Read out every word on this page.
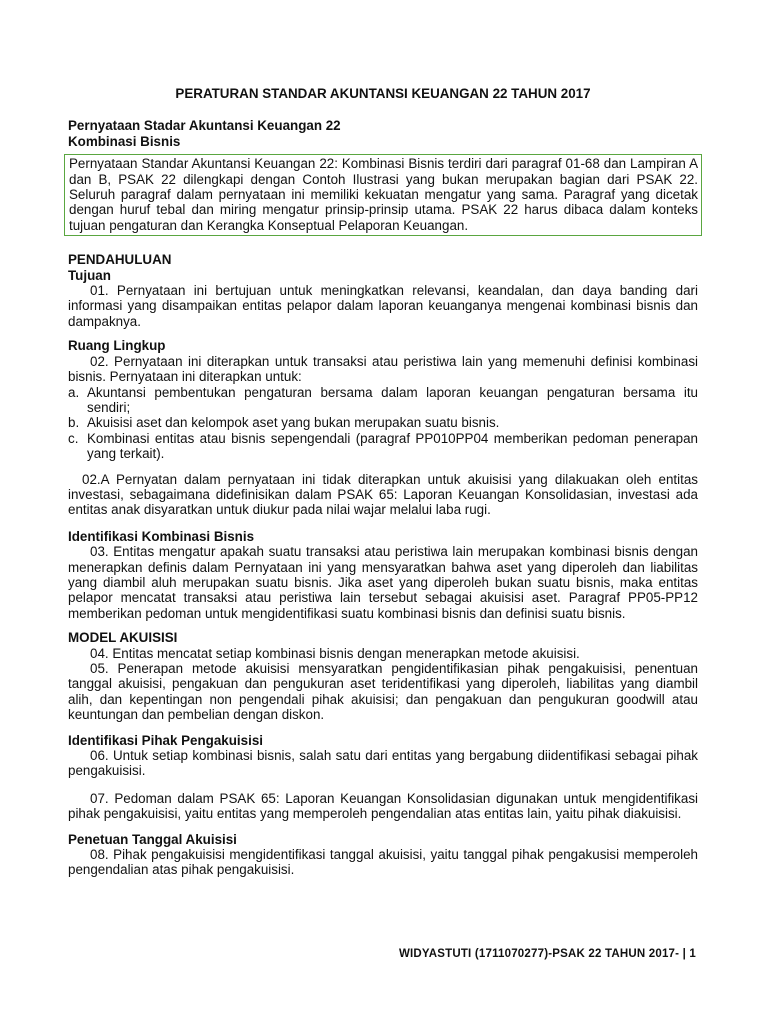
PERATURAN STANDAR AKUNTANSI KEUANGAN 22 TAHUN 2017
Pernyataan Stadar Akuntansi Keuangan 22
Kombinasi Bisnis
Pernyataan Standar Akuntansi Keuangan 22: Kombinasi Bisnis terdiri dari paragraf 01-68 dan Lampiran A dan B, PSAK 22 dilengkapi dengan Contoh Ilustrasi yang bukan merupakan bagian dari PSAK 22. Seluruh paragraf dalam pernyataan ini memiliki kekuatan mengatur yang sama. Paragraf yang dicetak dengan huruf tebal dan miring mengatur prinsip-prinsip utama. PSAK 22 harus dibaca dalam konteks tujuan pengaturan dan Kerangka Konseptual Pelaporan Keuangan.
PENDAHULUAN
Tujuan

01. Pernyataan ini bertujuan untuk meningkatkan relevansi, keandalan, dan daya banding dari informasi yang disampaikan entitas pelapor dalam laporan keuanganya mengenai kombinasi bisnis dan dampaknya.

Ruang Lingkup

02. Pernyataan ini diterapkan untuk transaksi atau peristiwa lain yang memenuhi definisi kombinasi bisnis. Pernyataan ini diterapkan untuk:

a. Akuntansi pembentukan pengaturan bersama dalam laporan keuangan pengaturan bersama itu sendiri;
b. Akuisisi aset dan kelompok aset yang bukan merupakan suatu bisnis.
c. Kombinasi entitas atau bisnis sepengendali (paragraf PP010PP04 memberikan pedoman penerapan yang terkait).

02.A Pernyatan dalam pernyataan ini tidak diterapkan untuk akuisisi yang dilakuakan oleh entitas investasi, sebagaimana didefinisikan dalam PSAK 65: Laporan Keuangan Konsolidasian, investasi ada entitas anak disyaratkan untuk diukur pada nilai wajar melalui laba rugi.

Identifikasi Kombinasi Bisnis

03. Entitas mengatur apakah suatu transaksi atau peristiwa lain merupakan kombinasi bisnis dengan menerapkan definis dalam Pernyataan ini yang mensyaratkan bahwa aset yang diperoleh dan liabilitas yang diambil aluh merupakan suatu bisnis. Jika aset yang diperoleh bukan suatu bisnis, maka entitas pelapor mencatat transaksi atau peristiwa lain tersebut sebagai akuisisi aset. Paragraf PP05-PP12 memberikan pedoman untuk mengidentifikasi suatu kombinasi bisnis dan definisi suatu bisnis.

MODEL AKUISISI

04. Entitas mencatat setiap kombinasi bisnis dengan menerapkan metode akuisisi.

05. Penerapan metode akuisisi mensyaratkan pengidentifikasian pihak pengakuisisi, penentuan tanggal akuisisi, pengakuan dan pengukuran aset teridentifikasi yang diperoleh, liabilitas yang diambil alih, dan kepentingan non pengendali pihak akuisisi; dan pengakuan dan pengukuran goodwill atau keuntungan dan pembelian dengan diskon.

Identifikasi Pihak Pengakuisisi

06. Untuk setiap kombinasi bisnis, salah satu dari entitas yang bergabung diidentifikasi sebagai pihak pengakuisisi.

07. Pedoman dalam PSAK 65: Laporan Keuangan Konsolidasian digunakan untuk mengidentifikasi pihak pengakuisisi, yaitu entitas yang memperoleh pengendalian atas entitas lain, yaitu pihak diakuisisi.

Penetuan Tanggal Akuisisi

08. Pihak pengakuisisi mengidentifikasi tanggal akuisisi, yaitu tanggal pihak pengakusisi memperoleh pengendalian atas pihak pengakuisisi.

WIDYASTUTI (1711070277)-PSAK 22 TAHUN 2017- | 1
